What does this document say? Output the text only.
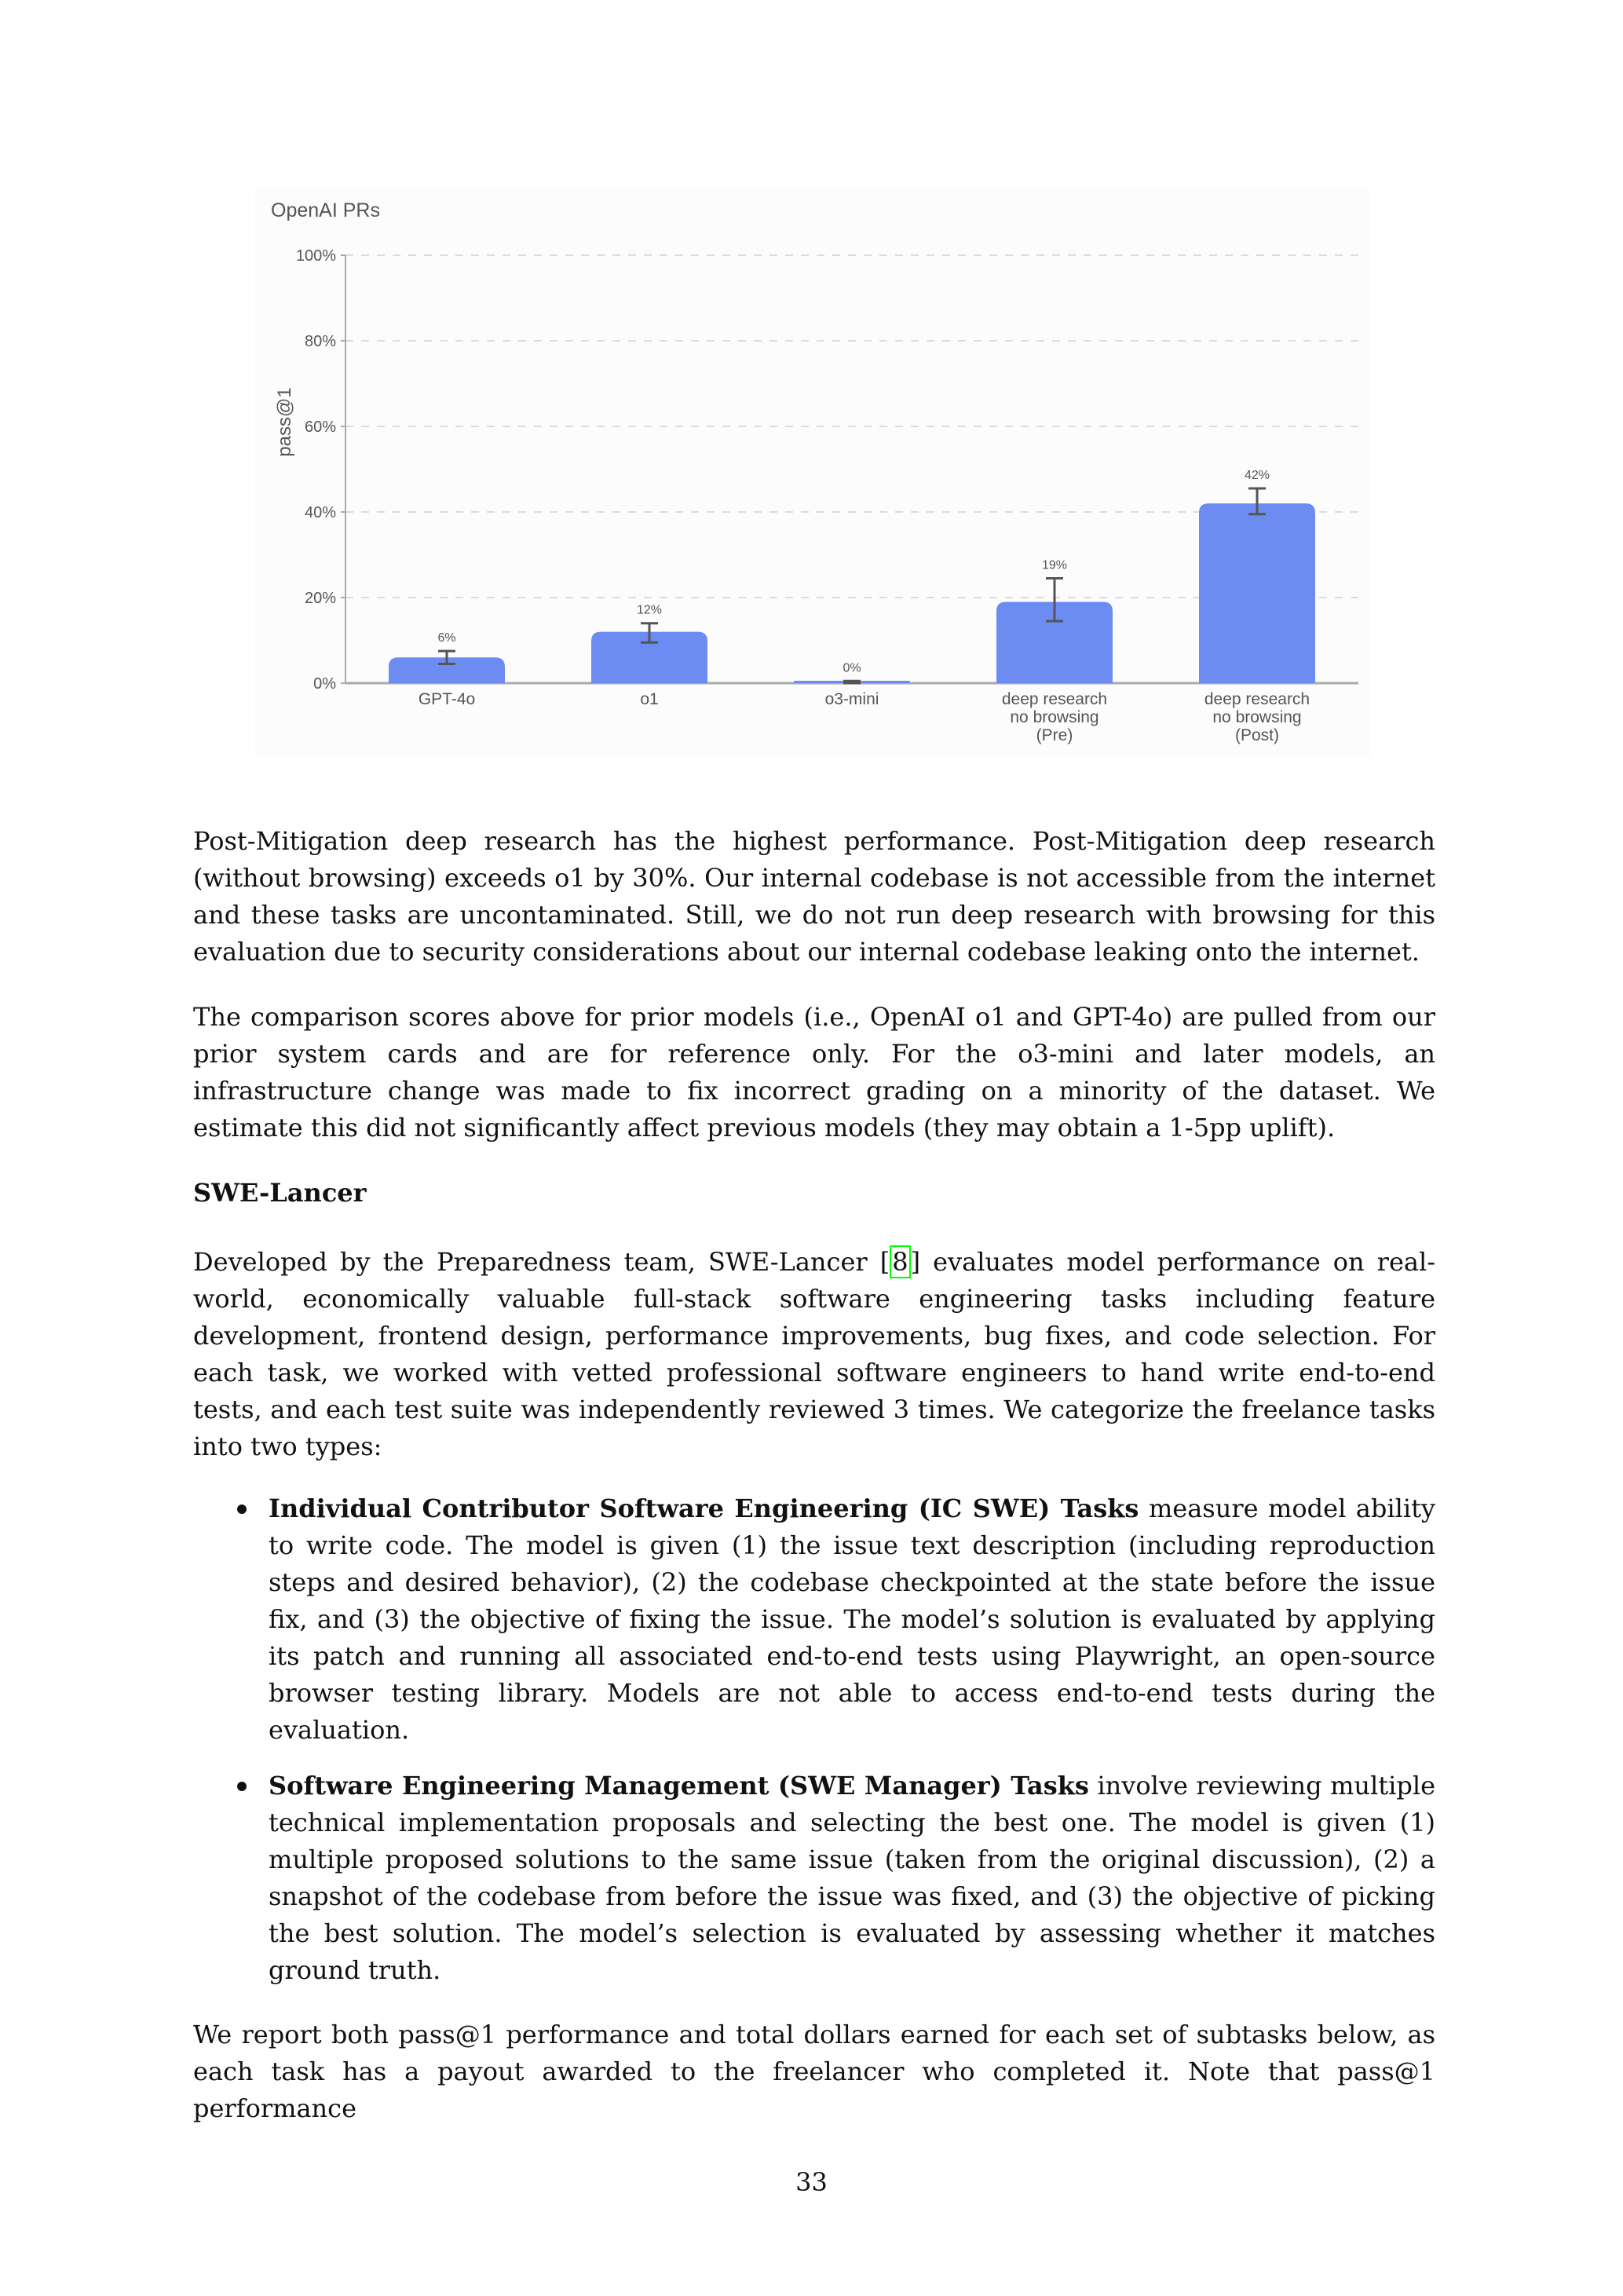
OpenAI PRs
0%
20%
40%
60%
80%
100%
pass@1
6%
GPT-4o
12%
o1
0%
o3-mini
19%
deep research
no browsing
(Pre)
42%
deep research
no browsing
(Post)

Post-Mitigation deep research has the highest performance. Post-Mitigation deep research (without browsing) exceeds o1 by 30%. Our internal codebase is not accessible from the internet and these tasks are uncontaminated. Still, we do not run deep research with browsing for this evaluation due to security considerations about our internal codebase leaking onto the internet.

The comparison scores above for prior models (i.e., OpenAI o1 and GPT-4o) are pulled from our prior system cards and are for reference only. For the o3-mini and later models, an infrastructure change was made to fix incorrect grading on a minority of the dataset. We estimate this did not significantly affect previous models (they may obtain a 1-5pp uplift).

SWE-Lancer

Developed by the Preparedness team, SWE-Lancer [8] evaluates model performance on real-world, economically valuable full-stack software engineering tasks including feature development, frontend design, performance improvements, bug fixes, and code selection. For each task, we worked with vetted professional software engineers to hand write end-to-end tests, and each test suite was independently reviewed 3 times. We categorize the freelance tasks into two types:

Individual Contributor Software Engineering (IC SWE) Tasks measure model ability to write code. The model is given (1) the issue text description (including reproduction steps and desired behavior), (2) the codebase checkpointed at the state before the issue fix, and (3) the objective of fixing the issue. The model’s solution is evaluated by applying its patch and running all associated end-to-end tests using Playwright, an open-source browser testing library. Models are not able to access end-to-end tests during the evaluation.
Software Engineering Management (SWE Manager) Tasks involve reviewing multiple technical implementation proposals and selecting the best one. The model is given (1) multiple proposed solutions to the same issue (taken from the original discussion), (2) a snapshot of the codebase from before the issue was fixed, and (3) the objective of picking the best solution. The model’s selection is evaluated by assessing whether it matches ground truth.

We report both pass@1 performance and total dollars earned for each set of subtasks below, as each task has a payout awarded to the freelancer who completed it. Note that pass@1 performance

33
